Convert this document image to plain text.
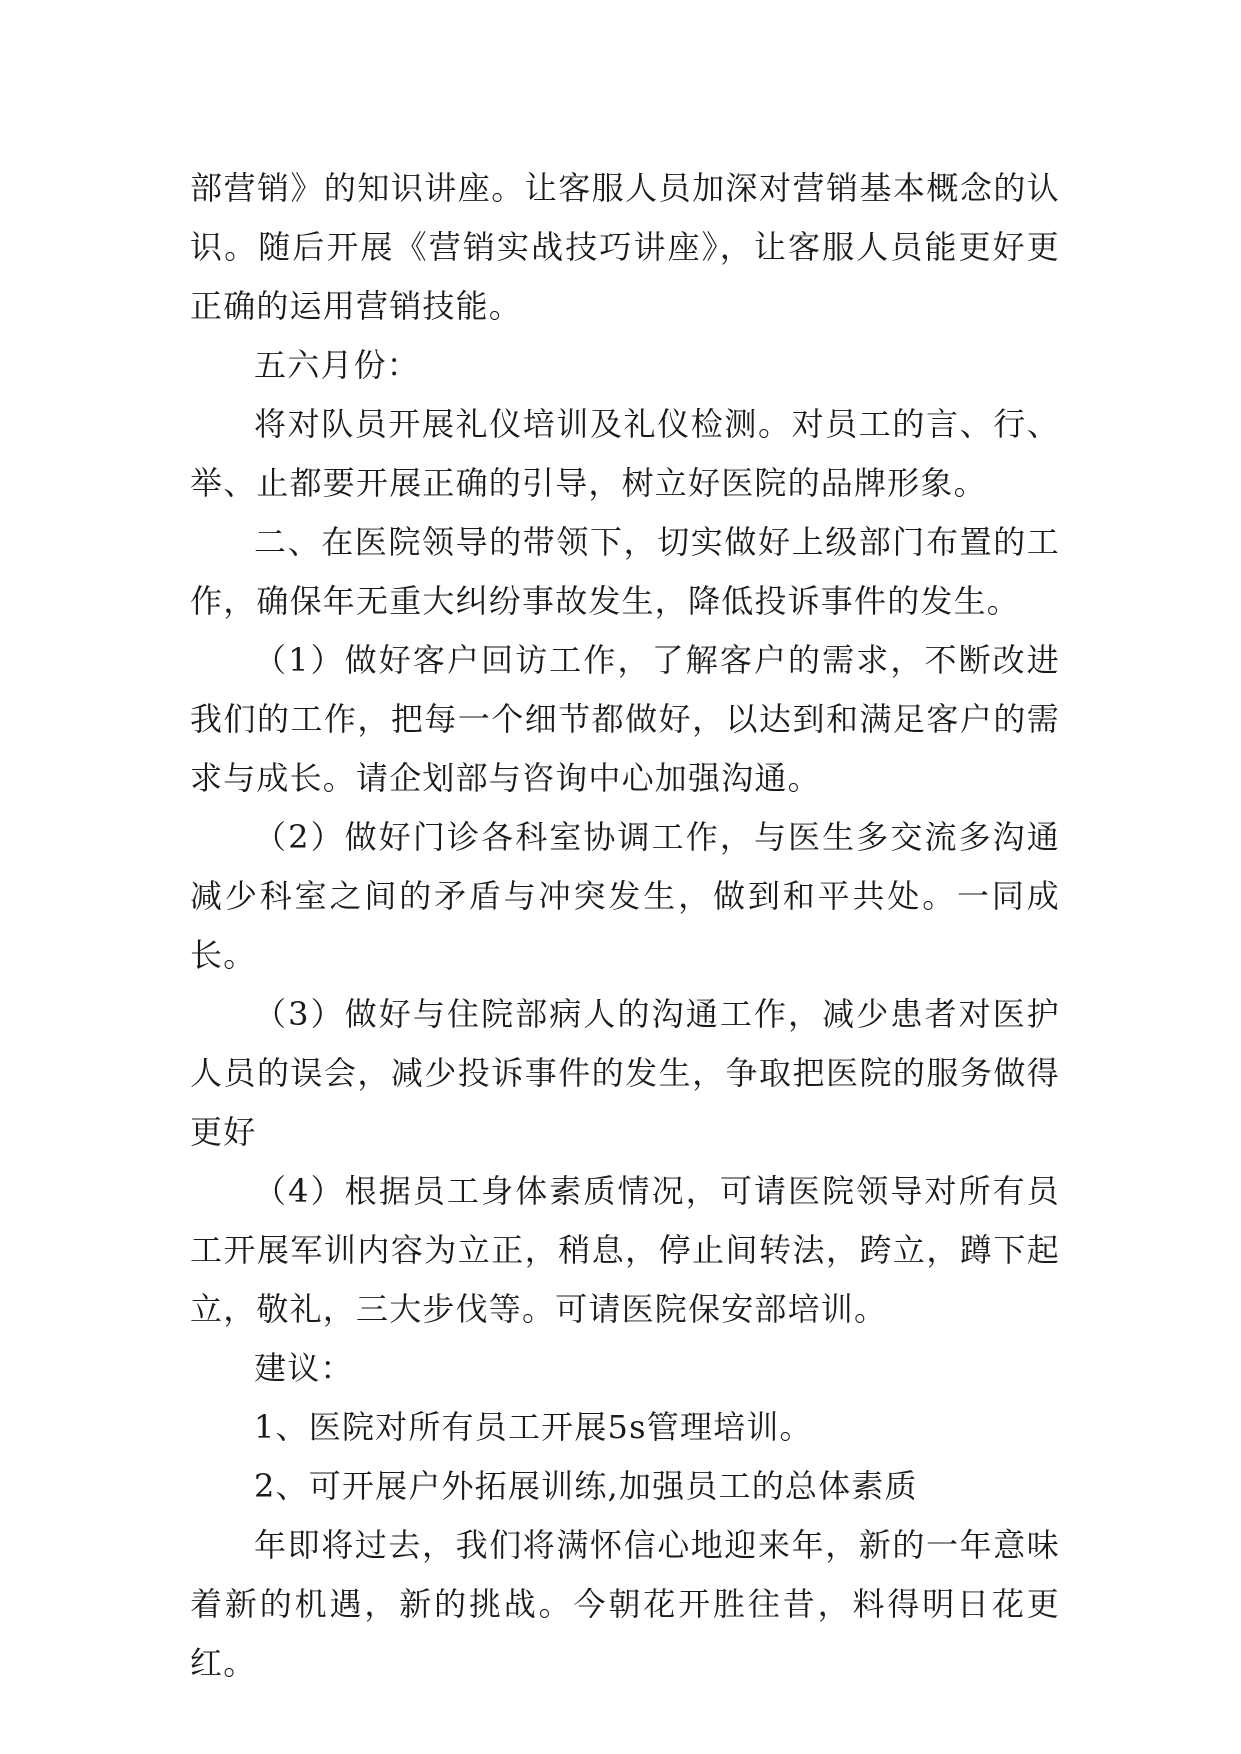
部营销》的知识讲座。让客服人员加深对营销基本概念的认识。随后开展《营销实战技巧讲座》，让客服人员能更好更正确的运用营销技能。

五六月份：

将对队员开展礼仪培训及礼仪检测。对员工的言、行、举、止都要开展正确的引导，树立好医院的品牌形象。

二、在医院领导的带领下，切实做好上级部门布置的工作，确保年无重大纠纷事故发生，降低投诉事件的发生。

（1）做好客户回访工作，了解客户的需求，不断改进我们的工作，把每一个细节都做好，以达到和满足客户的需求与成长。请企划部与咨询中心加强沟通。

（2）做好门诊各科室协调工作，与医生多交流多沟通减少科室之间的矛盾与冲突发生，做到和平共处。一同成长。

（3）做好与住院部病人的沟通工作，减少患者对医护人员的误会，减少投诉事件的发生，争取把医院的服务做得更好

（4）根据员工身体素质情况，可请医院领导对所有员工开展军训内容为立正，稍息，停止间转法，跨立，蹲下起立，敬礼，三大步伐等。可请医院保安部培训。

建议：

1、医院对所有员工开展5s管理培训。

2、可开展户外拓展训练,加强员工的总体素质

年即将过去，我们将满怀信心地迎来年，新的一年意味着新的机遇，新的挑战。今朝花开胜往昔，料得明日花更红。
